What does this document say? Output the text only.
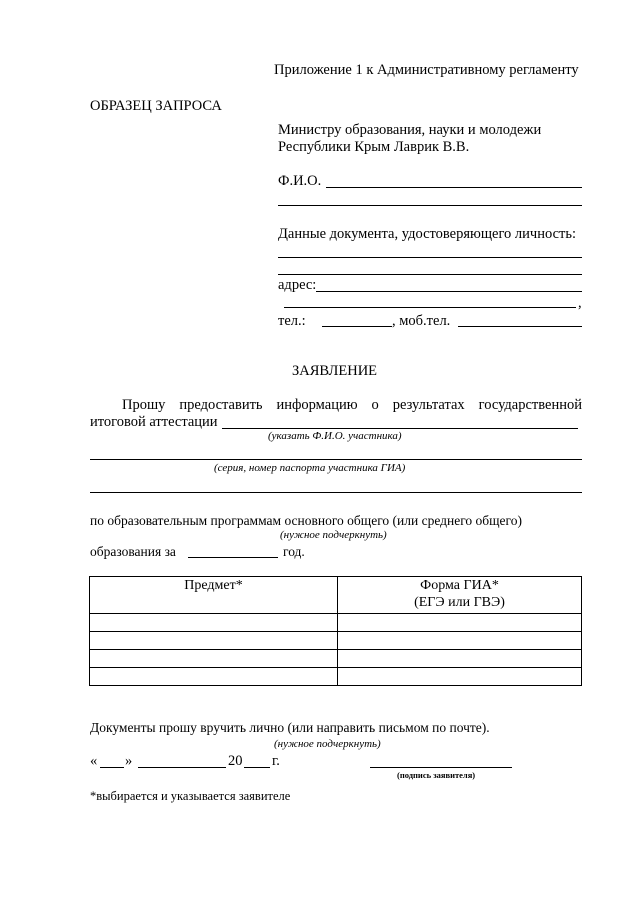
Приложение 1 к Административному регламенту
ОБРАЗЕЦ ЗАПРОСА
Министру образования, науки и молодежи
Республики Крым Лаврик В.В.
Ф.И.О.
Данные документа, удостоверяющего личность:
адрес:
,
тел.:	, моб.тел.
ЗАЯВЛЕНИЕ
Прошу предоставить информацию о результатах государственной
итоговой аттестации
(указать Ф.И.О. участника)
(серия, номер паспорта участника ГИА)
по образовательным программам основного общего (или среднего общего)
(нужное подчеркнуть)
образования за	год.
Предмет*	Форма ГИА*
(ЕГЭ или ГВЭ)

Документы прошу вручить лично (или направить письмом по почте).
(нужное подчеркнуть)
« »	20 г.
(подпись заявителя)
*выбирается и указывается заявителе
